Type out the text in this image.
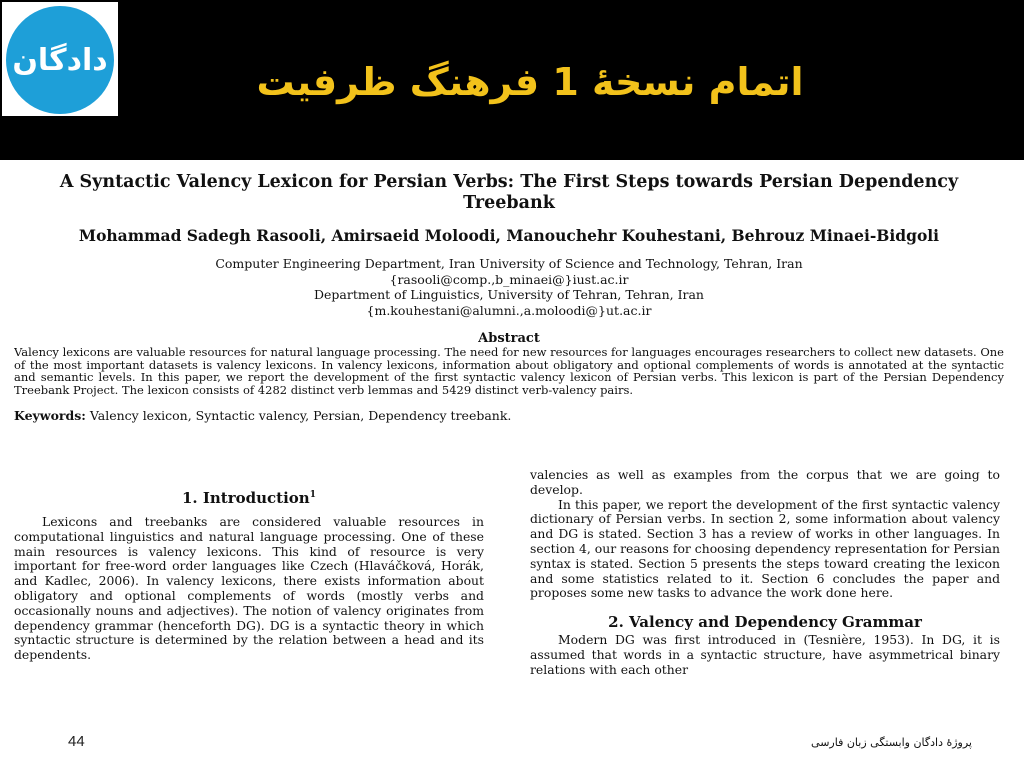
دادگان	اتمام نسخۀ 1 فرهنگ ظرفیت

A Syntactic Valency Lexicon for Persian Verbs: The First Steps towards Persian Dependency Treebank

Mohammad Sadegh Rasooli, Amirsaeid Moloodi, Manouchehr Kouhestani, Behrouz Minaei-Bidgoli

Computer Engineering Department, Iran University of Science and Technology, Tehran, Iran
{rasooli@comp.,b_minaei@}iust.ac.ir
Department of Linguistics, University of Tehran, Tehran, Iran
{m.kouhestani@alumni.,a.moloodi@}ut.ac.ir

Abstract

Valency lexicons are valuable resources for natural language processing. The need for new resources for languages encourages researchers to collect new datasets. One of the most important datasets is valency lexicons. In valency lexicons, information about obligatory and optional complements of words is annotated at the syntactic and semantic levels. In this paper, we report the development of the first syntactic valency lexicon of Persian verbs. This lexicon is part of the Persian Dependency Treebank Project. The lexicon consists of 4282 distinct verb lemmas and 5429 distinct verb-valency pairs.

Keywords: Valency lexicon, Syntactic valency, Persian, Dependency treebank.

1. Introduction$^1$

Lexicons and treebanks are considered valuable resources in computational linguistics and natural language processing. One of these main resources is valency lexicons. This kind of resource is very important for free-word order languages like Czech (Hlaváčková, Horák, and Kadlec, 2006). In valency lexicons, there exists information about obligatory and optional complements of words (mostly verbs and occasionally nouns and adjectives). The notion of valency originates from dependency grammar (henceforth DG). DG is a syntactic theory in which syntactic structure is determined by the relation between a head and its dependents.

valencies as well as examples from the corpus that we are going to develop.

In this paper, we report the development of the first syntactic valency dictionary of Persian verbs. In section 2, some information about valency and DG is stated. Section 3 has a review of works in other languages. In section 4, our reasons for choosing dependency representation for Persian syntax is stated. Section 5 presents the steps toward creating the lexicon and some statistics related to it. Section 6 concludes the paper and proposes some new tasks to advance the work done here.

2. Valency and Dependency Grammar

Modern DG was first introduced in (Tesnière, 1953). In DG, it is assumed that words in a syntactic structure, have asymmetrical binary relations with each other

44	پروژۀ دادگان وابستگی زبان فارسی
